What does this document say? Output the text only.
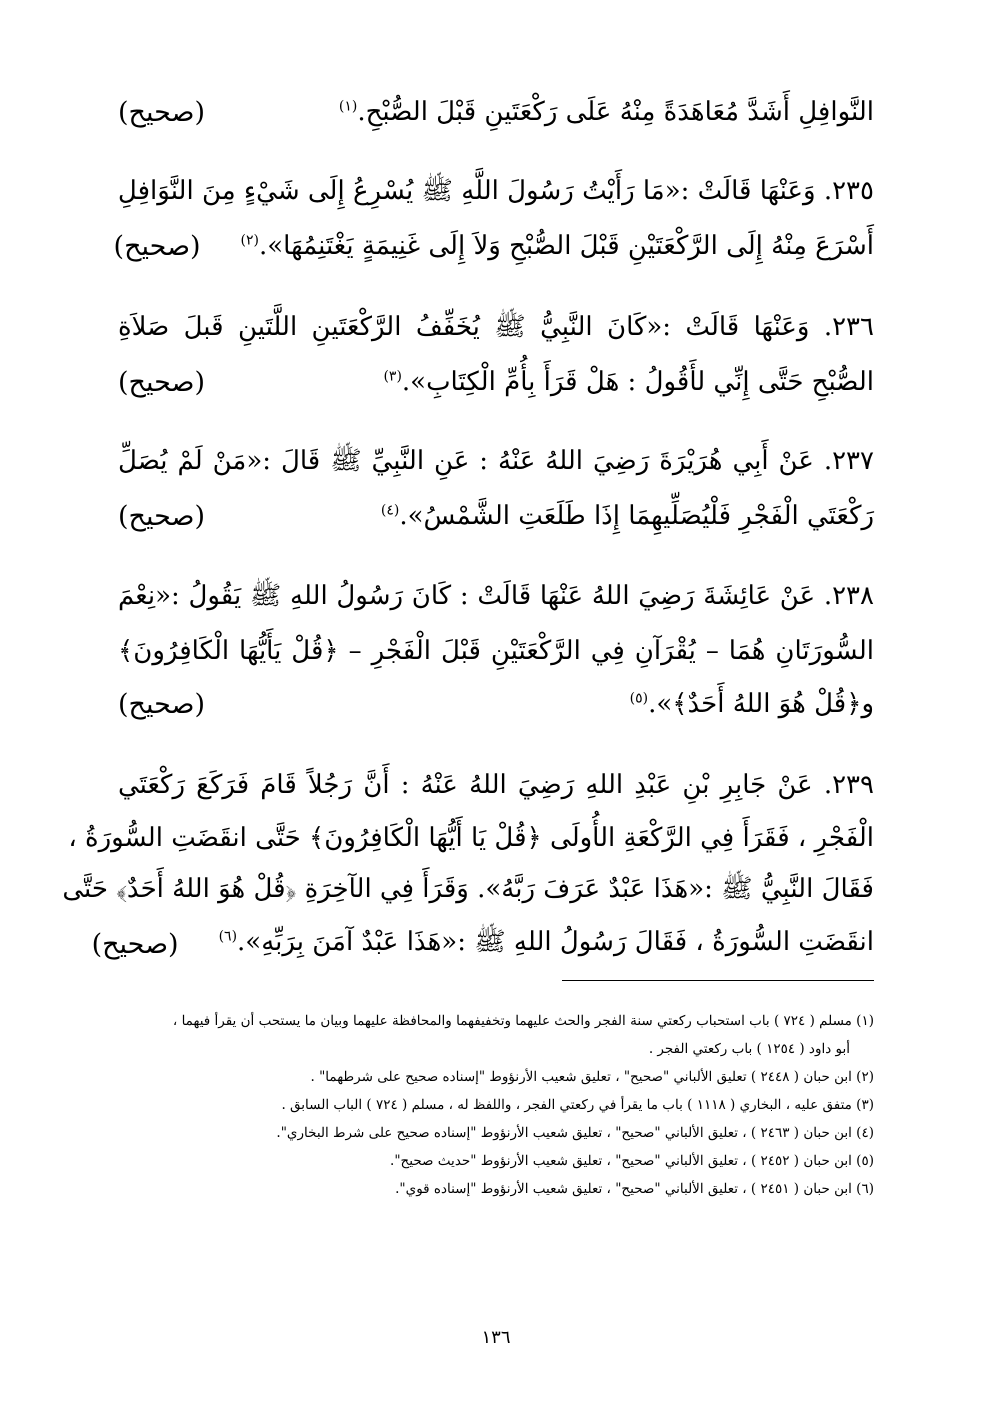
النَّوافِلِ أَشَدَّ مُعَاهَدَةً مِنْهُ عَلَى رَكْعَتَينِ قَبْلَ الصُّبْحِ.$^{(١)}$
(صحيح)
٢٣٥. وَعَنْهَا قَالَتْ :«مَا رَأَيْتُ رَسُولَ اللَّهِ ﷺ يُسْرِعُ إِلَى شَيْءٍ مِنَ النَّوَافِلِ
أَسْرَعَ مِنْهُ إِلَى الرَّكْعَتَيْنِ قَبْلَ الصُّبْحِ وَلاَ إِلَى غَنِيمَةٍ يَغْتَنِمُهَا».$^{(٢)}$
(صحيح)
٢٣٦. وَعَنْهَا قَالَتْ :«كَانَ النَّبِيُّ ﷺ يُخَفِّفُ الرَّكْعَتَينِ اللَّتَينِ قَبلَ صَلاَةِ
الصُّبْحِ حَتَّى إِنِّي لأَقُولُ : هَلْ قَرَأَ بِأُمِّ الْكِتَابِ».$^{(٣)}$
(صحيح)
٢٣٧. عَنْ أَبِي هُرَيْرَةَ رَضِيَ اللهُ عَنْهُ : عَنِ النَّبِيِّ ﷺ قَالَ :«مَنْ لَمْ يُصَلِّ
رَكْعَتَي الْفَجْرِ فَلْيُصَلِّيهِمَا إِذَا طَلَعَتِ الشَّمْسُ».$^{(٤)}$
(صحيح)
٢٣٨. عَنْ عَائِشَةَ رَضِيَ اللهُ عَنْهَا قَالَتْ : كَانَ رَسُولُ اللهِ ﷺ يَقُولُ :«نِعْمَ
السُّورَتَانِ هُمَا – يُقْرَآنِ فِي الرَّكْعَتَيْنِ قَبْلَ الْفَجْرِ – ﴿قُلْ يَأَيُّهَا الْكَافِرُونَ﴾
و﴿قُلْ هُوَ اللهُ أَحَدٌ﴾».$^{(٥)}$
(صحيح)
٢٣٩. عَنْ جَابِرِ بْنِ عَبْدِ اللهِ رَضِيَ اللهُ عَنْهُ : أَنَّ رَجُلاً قَامَ فَرَكَعَ رَكْعَتَي
الْفَجْرِ ، فَقَرَأَ فِي الرَّكْعَةِ الأُولَى ﴿قُلْ يَا أَيُّهَا الْكَافِرُونَ﴾ حَتَّى انقَضَتِ السُّورَةُ ،
فَقَالَ النَّبِيُّ ﷺ :«هَذَا عَبْدٌ عَرَفَ رَبَّهُ». وَقَرَأَ فِي الآخِرَةِ ﴿قُلْ هُوَ اللهُ أَحَدٌ﴾ حَتَّى
انقَضَتِ السُّورَةُ ، فَقَالَ رَسُولُ اللهِ ﷺ :«هَذَا عَبْدٌ آمَنَ بِرَبِّهِ».$^{(٦)}$
(صحيح)
(١) مسلم ( ٧٢٤ ) باب استحباب ركعتي سنة الفجر والحث عليهما وتخفيفهما والمحافظة عليهما وبيان ما يستحب أن يقرأ فيهما ،
أبو داود ( ١٢٥٤ ) باب ركعتي الفجر .
(٢) ابن حبان ( ٢٤٤٨ ) تعليق الألباني "صحيح" ، تعليق شعيب الأرنؤوط "إسناده صحيح على شرطهما" .
(٣) متفق عليه ، البخاري ( ١١١٨ ) باب ما يقرأ في ركعتي الفجر ، واللفظ له ، مسلم ( ٧٢٤ ) الباب السابق .
(٤) ابن حبان ( ٢٤٦٣ ) ، تعليق الألباني "صحيح" ، تعليق شعيب الأرنؤوط "إسناده صحيح على شرط البخاري".
(٥) ابن حبان ( ٢٤٥٢ ) ، تعليق الألباني "صحيح" ، تعليق شعيب الأرنؤوط "حديث صحيح".
(٦) ابن حبان ( ٢٤٥١ ) ، تعليق الألباني "صحيح" ، تعليق شعيب الأرنؤوط "إسناده قوي".
١٣٦
